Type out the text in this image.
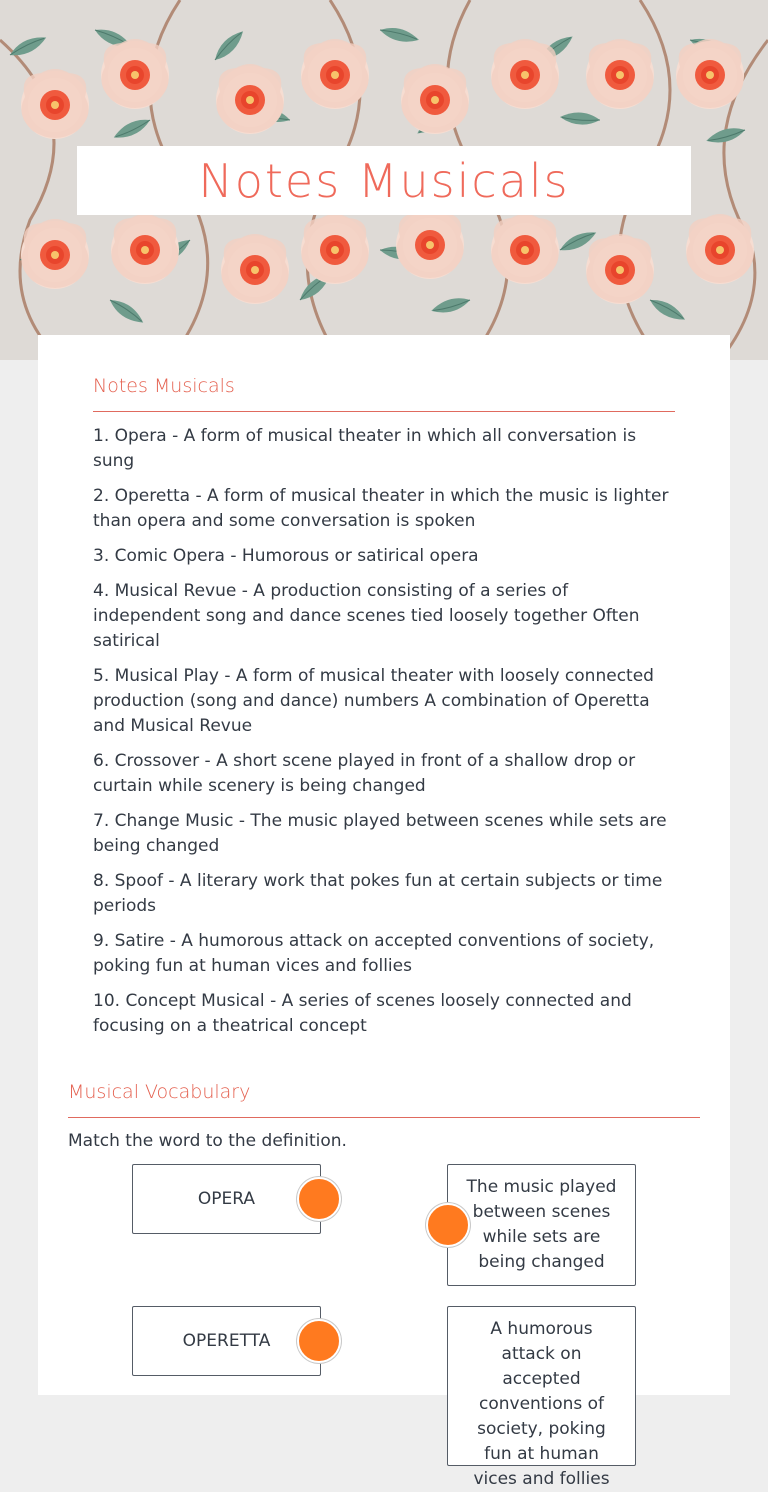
Notes Musicals
Notes Musicals

1. Opera - A form of musical theater in which all conversation is sung

2. Operetta - A form of musical theater in which the music is lighter than opera and some conversation is spoken

3. Comic Opera - Humorous or satirical opera

4. Musical Revue - A production consisting of a series of independent song and dance scenes tied loosely together Often satirical

5. Musical Play - A form of musical theater with loosely connected production (song and dance) numbers A combination of Operetta and Musical Revue

6. Crossover - A short scene played in front of a shallow drop or curtain while scenery is being changed

7. Change Music - The music played between scenes while sets are being changed

8. Spoof - A literary work that pokes fun at certain subjects or time periods

9. Satire - A humorous attack on accepted conventions of society, poking fun at human vices and follies

10. Concept Musical - A series of scenes loosely connected and focusing on a theatrical concept

Musical Vocabulary
Match the word to the definition.
OPERA
The music played between scenes while sets are being changed
OPERETTA
A humorous attack on accepted conventions of society, poking fun at human vices and follies
